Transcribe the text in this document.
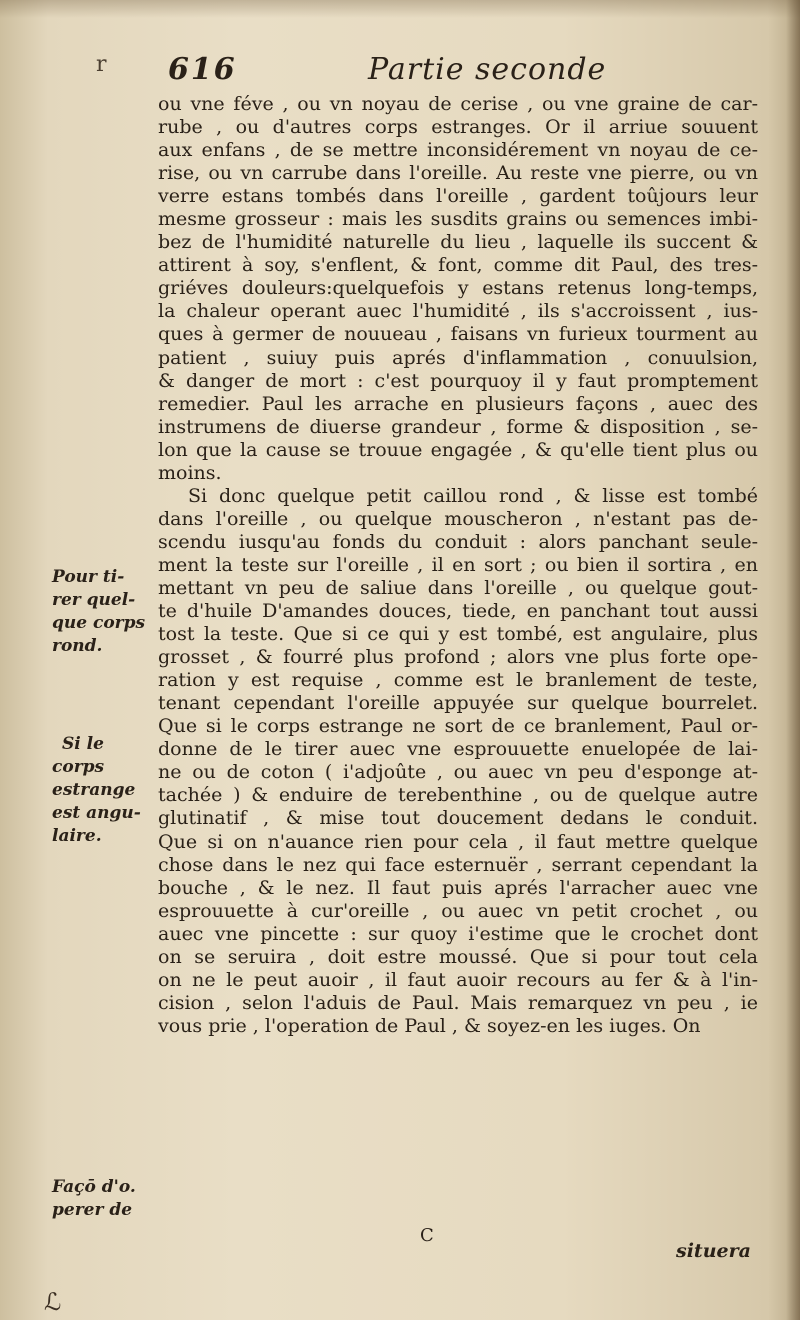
r 616	Partie seconde
ou vne féve , ou vn noyau de cerise , ou vne graine de car-
rube , ou d'autres corps estranges. Or il arriue souuent
aux enfans , de se mettre inconsidérement vn noyau de ce-
rise, ou vn carrube dans l'oreille. Au reste vne pierre, ou vn
verre estans tombés dans l'oreille , gardent toûjours leur
mesme grosseur : mais les susdits grains ou semences imbi-
bez de l'humidité naturelle du lieu , laquelle ils succent &
attirent à soy, s'enflent, & font, comme dit Paul, des tres-
griéves douleurs:quelquefois y estans retenus long-temps,
la chaleur operant auec l'humidité , ils s'accroissent , ius-
ques à germer de nouueau , faisans vn furieux tourment au
patient , suiuy puis aprés d'inflammation , conuulsion,
& danger de mort : c'est pourquoy il y faut promptement
remedier. Paul les arrache en plusieurs façons , auec des
instrumens de diuerse grandeur , forme & disposition , se-
lon que la cause se trouue engagée , & qu'elle tient plus ou
moins.
Si donc quelque petit caillou rond , & lisse est tombé
dans l'oreille , ou quelque mouscheron , n'estant pas de-
scendu iusqu'au fonds du conduit : alors panchant seule-
ment la teste sur l'oreille , il en sort ; ou bien il sortira , en
mettant vn peu de saliue dans l'oreille , ou quelque gout-
te d'huile D'amandes douces, tiede, en panchant tout aussi
tost la teste. Que si ce qui y est tombé, est angulaire, plus
grosset , & fourré plus profond ; alors vne plus forte ope-
ration y est requise , comme est le branlement de teste,
tenant cependant l'oreille appuyée sur quelque bourrelet.
Que si le corps estrange ne sort de ce branlement, Paul or-
donne de le tirer auec vne esprouuette enuelopée de lai-
ne ou de coton ( i'adjoûte , ou auec vn peu d'esponge at-
tachée ) & enduire de terebenthine , ou de quelque autre
glutinatif , & mise tout doucement dedans le conduit.
Que si on n'auance rien pour cela , il faut mettre quelque
chose dans le nez qui face esternuër , serrant cependant la
bouche , & le nez. Il faut puis aprés l'arracher auec vne
esprouuette à cur'oreille , ou auec vn petit crochet , ou
auec vne pincette : sur quoy i'estime que le crochet dont
on se seruira , doit estre moussé. Que si pour tout cela
on ne le peut auoir , il faut auoir recours au fer & à l'in-
cision , selon l'aduis de Paul. Mais remarquez vn peu , ie
vous prie , l'operation de Paul , & soyez-en les iuges. On
Pour ti-
rer quel-
que corps
rond.
Si le
corps
estrange
est angu-
laire.
Façō d'o.
perer de
C
situera
ℒ
